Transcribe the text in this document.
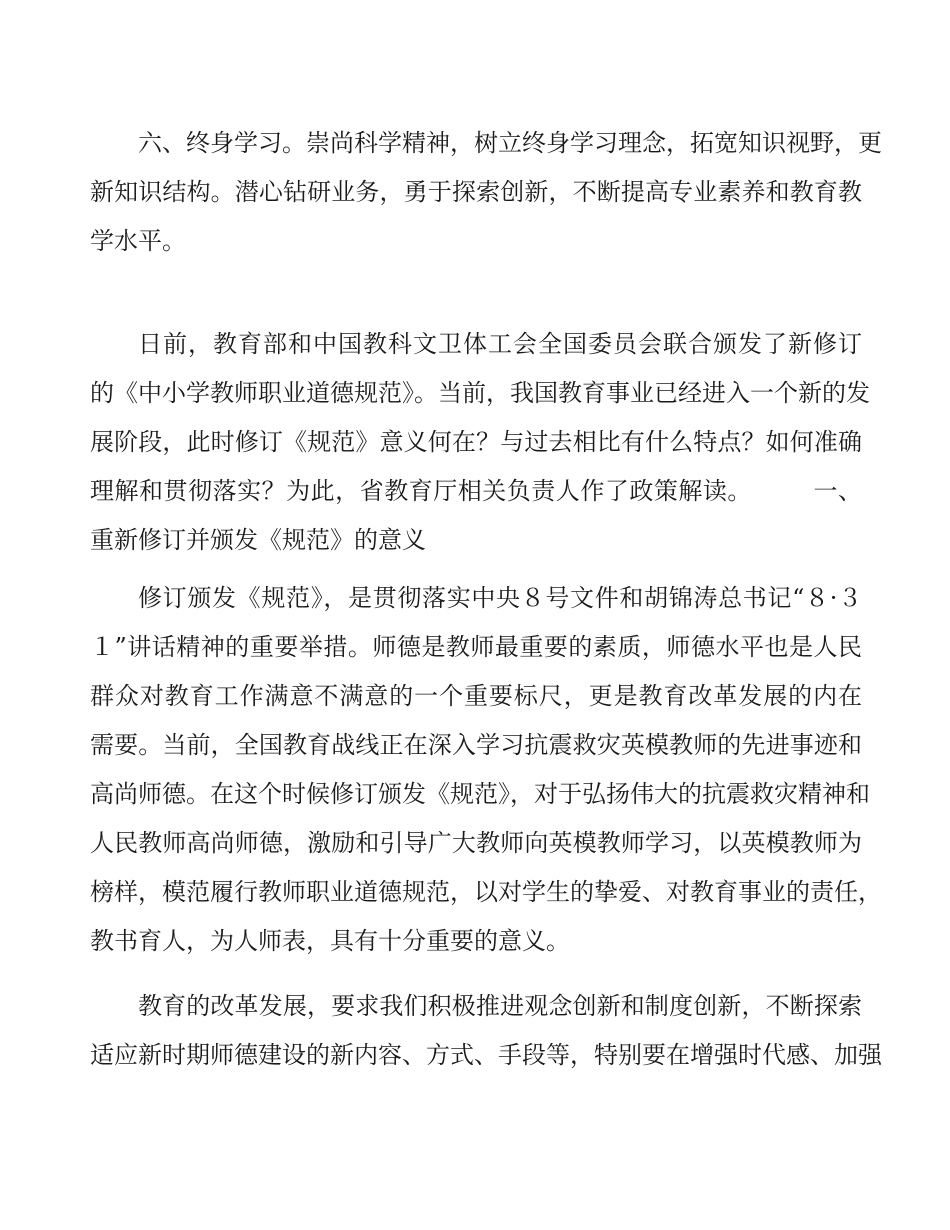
六、终身学习。崇尚科学精神，树立终身学习理念，拓宽知识视野，更

新知识结构。潜心钻研业务，勇于探索创新，不断提高专业素养和教育教

学水平。

日前，教育部和中国教科文卫体工会全国委员会联合颁发了新修订

的《中小学教师职业道德规范》。当前，我国教育事业已经进入一个新的发

展阶段，此时修订《规范》意义何在？与过去相比有什么特点？如何准确

理解和贯彻落实？为此，省教育厅相关负责人作了政策解读。　　　一、

重新修订并颁发《规范》的意义

修订颁发《规范》，是贯彻落实中央８号文件和胡锦涛总书记“８·３

１”讲话精神的重要举措。师德是教师最重要的素质，师德水平也是人民

群众对教育工作满意不满意的一个重要标尺，更是教育改革发展的内在

需要。当前，全国教育战线正在深入学习抗震救灾英模教师的先进事迹和

高尚师德。在这个时候修订颁发《规范》，对于弘扬伟大的抗震救灾精神和

人民教师高尚师德，激励和引导广大教师向英模教师学习，以英模教师为

榜样，模范履行教师职业道德规范，以对学生的挚爱、对教育事业的责任，

教书育人，为人师表，具有十分重要的意义。

教育的改革发展，要求我们积极推进观念创新和制度创新，不断探索

适应新时期师德建设的新内容、方式、手段等，特别要在增强时代感、加强
